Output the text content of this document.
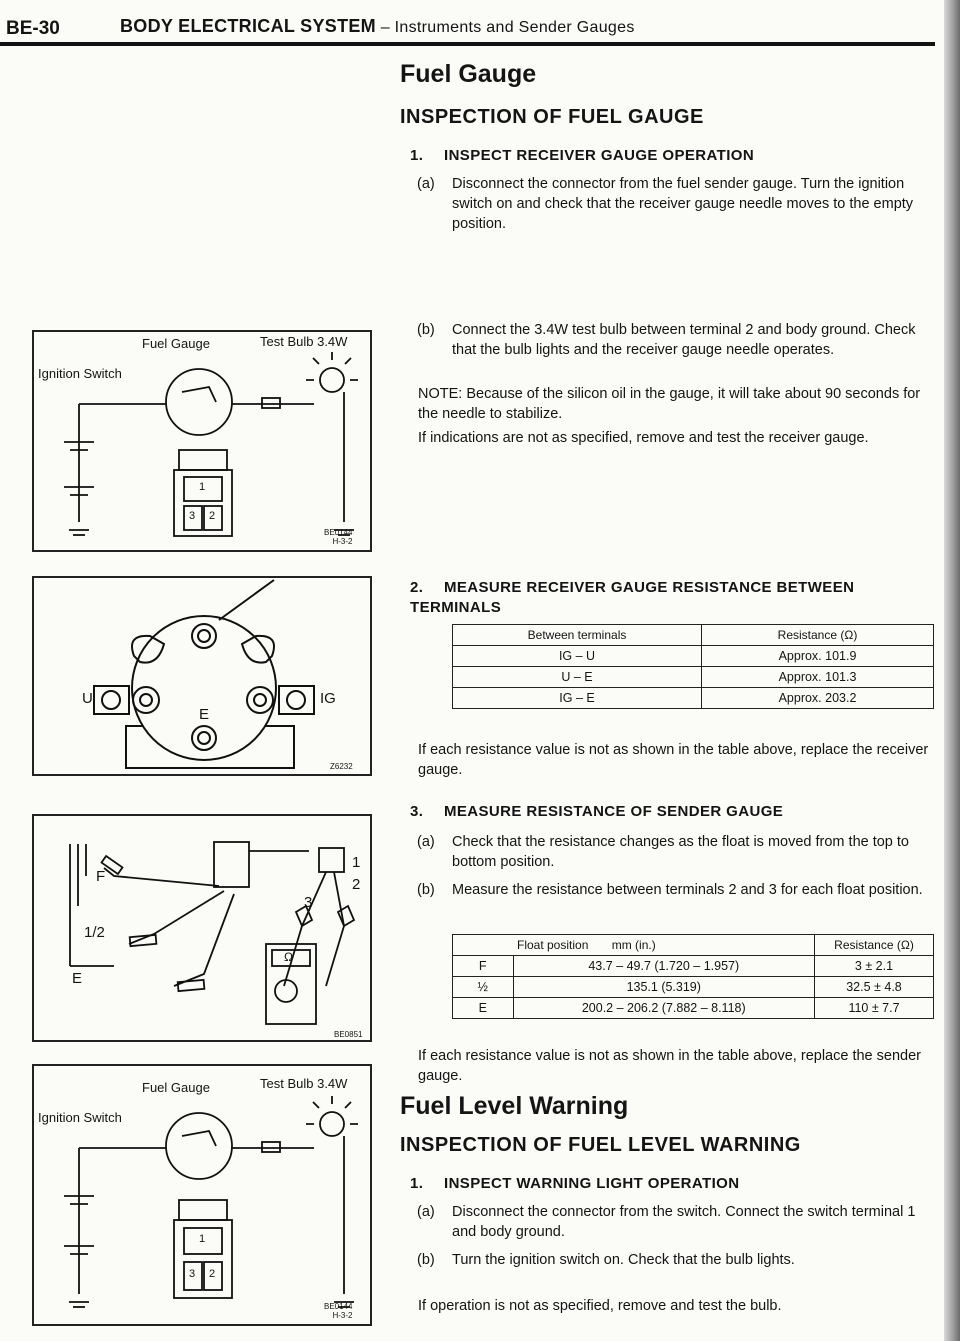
BE-30	BODY ELECTRICAL SYSTEM – Instruments and Sender Gauges
Fuel Gauge	Test Bulb 3.4W
Ignition Switch
1
3 2
BE0144
H-3-2
U	IG
E
Z6232
F
1/2
E
1
2
3
Ω
BE0851
Fuel Gauge	Test Bulb 3.4W
Ignition Switch
1
3 2
BE0144
H-3-2
Fuel Gauge
INSPECTION OF FUEL GAUGE
1. INSPECT RECEIVER GAUGE OPERATION
(a) Disconnect the connector from the fuel sender gauge. Turn the ignition switch on and check that the receiver gauge needle moves to the empty position.
(b) Connect the 3.4W test bulb between terminal 2 and body ground. Check that the bulb lights and the receiver gauge needle operates.
NOTE: Because of the silicon oil in the gauge, it will take about 90 seconds for the needle to stabilize.
If indications are not as specified, remove and test the receiver gauge.
2. MEASURE RECEIVER GAUGE RESISTANCE BETWEEN TERMINALS
Between terminals	Resistance (Ω)
IG – U	Approx. 101.9
U – E	Approx. 101.3
IG – E	Approx. 203.2
If each resistance value is not as shown in the table above, replace the receiver gauge.
3. MEASURE RESISTANCE OF SENDER GAUGE
(a) Check that the resistance changes as the float is moved from the top to bottom position.
(b) Measure the resistance between terminals 2 and 3 for each float position.
	Float position mm (in.)	Resistance (Ω)
F	43.7 – 49.7 (1.720 – 1.957)	3 ± 2.1
½	135.1 (5.319)	32.5 ± 4.8
E	200.2 – 206.2 (7.882 – 8.118)	110 ± 7.7
If each resistance value is not as shown in the table above, replace the sender gauge.
Fuel Level Warning
INSPECTION OF FUEL LEVEL WARNING
1. INSPECT WARNING LIGHT OPERATION
(a) Disconnect the connector from the switch. Connect the switch terminal 1 and body ground.
(b) Turn the ignition switch on. Check that the bulb lights.
If operation is not as specified, remove and test the bulb.
